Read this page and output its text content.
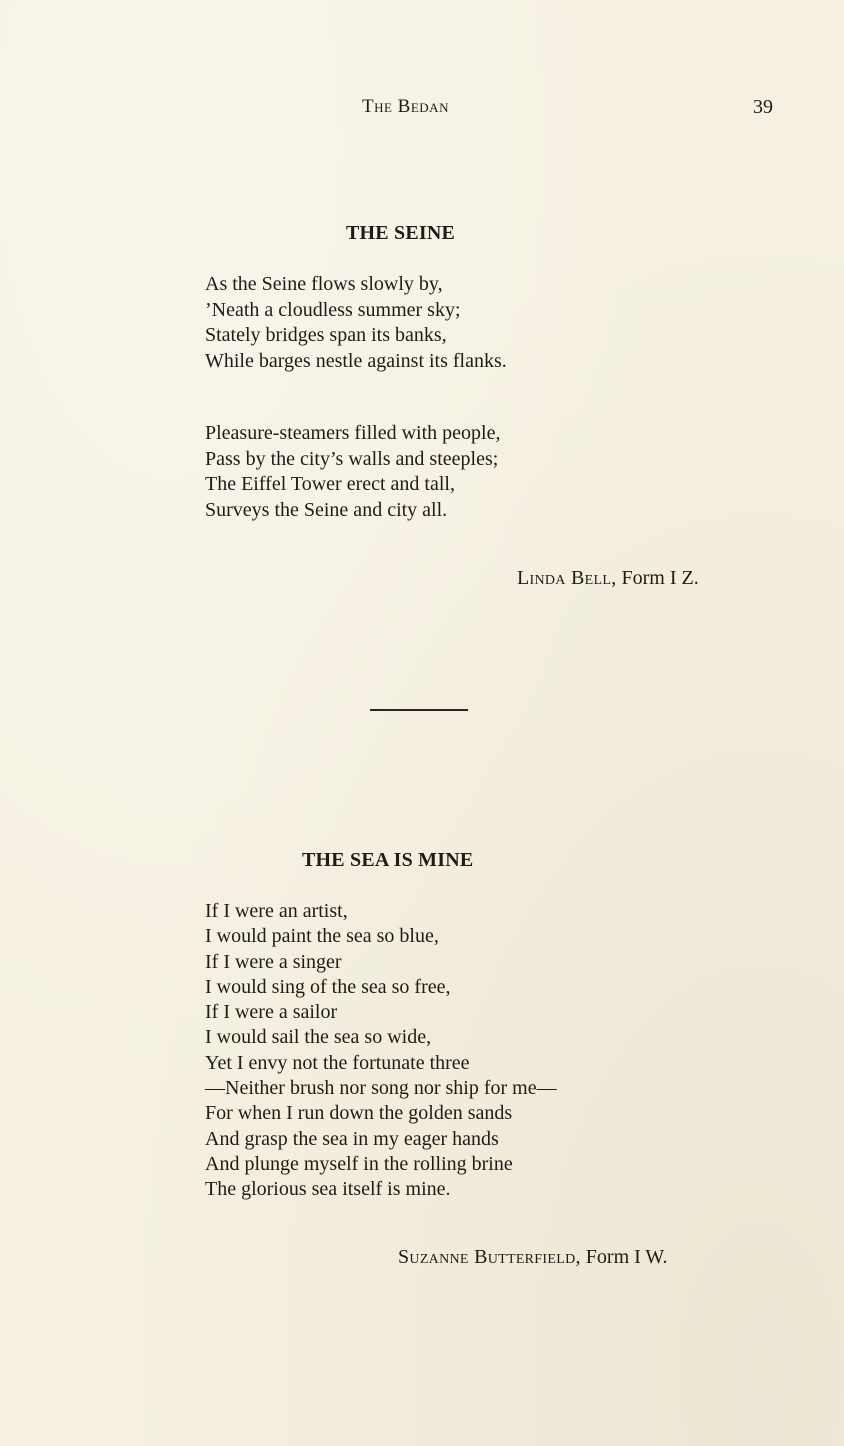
The Bedan	39
THE SEINE
As the Seine flows slowly by,
’Neath a cloudless summer sky;
Stately bridges span its banks,
While barges nestle against its flanks.
Pleasure-steamers filled with people,
Pass by the city’s walls and steeples;
The Eiffel Tower erect and tall,
Surveys the Seine and city all.
Linda Bell, Form I Z.
THE SEA IS MINE
If I were an artist,
I would paint the sea so blue,
If I were a singer
I would sing of the sea so free,
If I were a sailor
I would sail the sea so wide,
Yet I envy not the fortunate three
—Neither brush nor song nor ship for me—
For when I run down the golden sands
And grasp the sea in my eager hands
And plunge myself in the rolling brine
The glorious sea itself is mine.
Suzanne Butterfield, Form I W.
